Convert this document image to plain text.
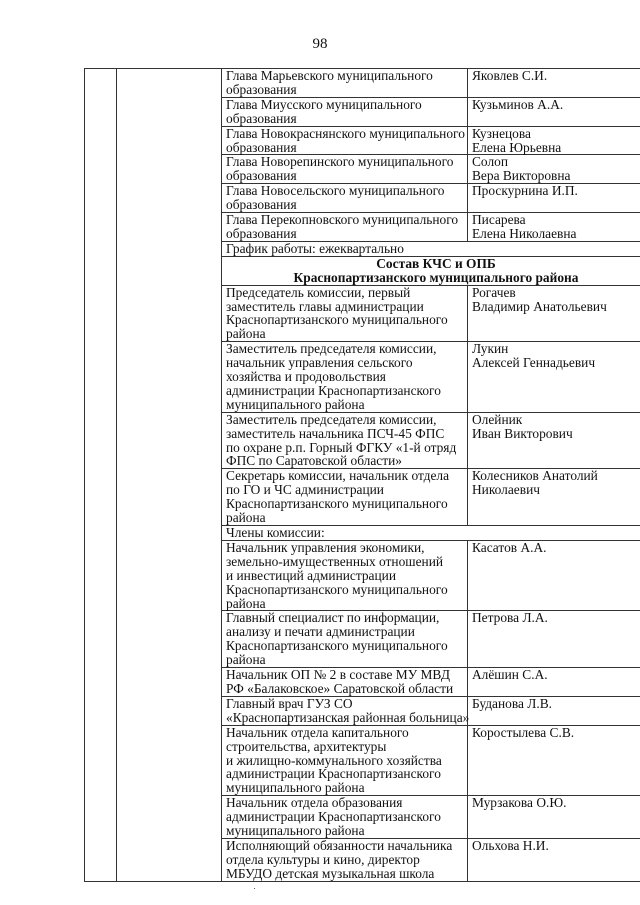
98

		Глава Марьевского муниципального
образования	Яковлев С.И.

		Глава Миусского муниципального
образования	Кузьминов А.А.

		Глава Новокраснянского муниципального
образования	Кузнецова
Елена Юрьевна

		Глава Новорепинского муниципального
образования	Солоп
Вера Викторовна

		Глава Новосельского муниципального
образования	Проскурнина И.П.

		Глава Перекопновского муниципального
образования	Писарева
Елена Николаевна

		График работы: ежеквартально	

		Состав КЧС и ОПБ
Краснопартизанского муниципального района	

		Председатель комиссии, первый
заместитель главы администрации
Краснопартизанского муниципального
района	Рогачев
Владимир Анатольевич

		Заместитель председателя комиссии,
начальник управления сельского
хозяйства и продовольствия
администрации Краснопартизанского
муниципального района	Лукин
Алексей Геннадьевич

		Заместитель председателя комиссии,
заместитель начальника ПСЧ-45 ФПС
по охране р.п. Горный ФГКУ «1-й отряд
ФПС по Саратовской области»	Олейник
Иван Викторович

		Секретарь комиссии, начальник отдела
по ГО и ЧС администрации
Краснопартизанского муниципального
района	Колесников Анатолий
Николаевич

		Члены комиссии:	

		Начальник управления экономики,
земельно-имущественных отношений
и инвестиций администрации
Краснопартизанского муниципального
района	Касатов А.А.

		Главный специалист по информации,
анализу и печати администрации
Краснопартизанского муниципального
района	Петрова Л.А.

		Начальник ОП № 2 в составе МУ МВД
РФ «Балаковское» Саратовской области	Алёшин С.А.

		Главный врач ГУЗ СО
«Краснопартизанская районная больница»	Буданова Л.В.

		Начальник отдела капитального
строительства, архитектуры
и жилищно-коммунального хозяйства
администрации Краснопартизанского
муниципального района	Коростылева С.В.

		Начальник отдела образования
администрации Краснопартизанского
муниципального района	Мурзакова О.Ю.

		Исполняющий обязанности начальника
отдела культуры и кино, директор
МБУДО детская музыкальная школа	Ольхова Н.И.
